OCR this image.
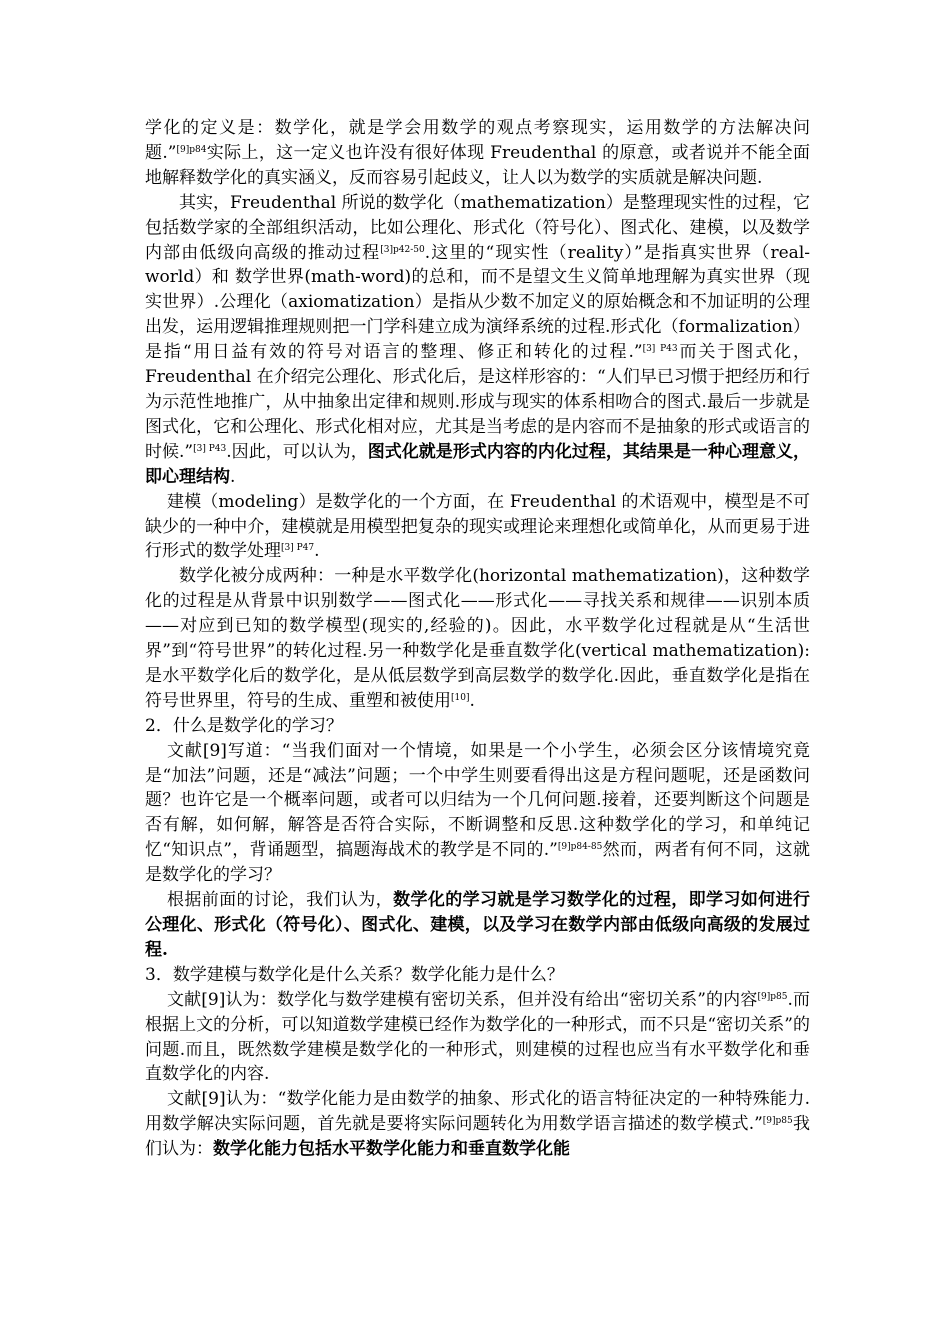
学化的定义是：数学化，就是学会用数学的观点考察现实，运用数学的方法解决问题.”$^{[9]p84}$实际上，这一定义也许没有很好体现 Freudenthal 的原意，或者说并不能全面地解释数学化的真实涵义，反而容易引起歧义，让人以为数学的实质就是解决问题.

其实，Freudenthal 所说的数学化（mathematization）是整理现实性的过程，它包括数学家的全部组织活动，比如公理化、形式化（符号化）、图式化、建模，以及数学内部由低级向高级的推动过程$^{[3]p42-50}$.这里的“现实性（reality）”是指真实世界（real-world）和 数学世界(math-word)的总和，而不是望文生义简单地理解为真实世界（现实世界）.公理化（axiomatization）是指从少数不加定义的原始概念和不加证明的公理出发，运用逻辑推理规则把一门学科建立成为演绎系统的过程.形式化（formalization）是指“用日益有效的符号对语言的整理、修正和转化的过程.”$^{[3] P43}$而关于图式化，Freudenthal 在介绍完公理化、形式化后，是这样形容的：“人们早已习惯于把经历和行为示范性地推广，从中抽象出定律和规则.形成与现实的体系相吻合的图式.最后一步就是图式化，它和公理化、形式化相对应，尤其是当考虑的是内容而不是抽象的形式或语言的时候.”$^{[3] P43}$.因此，可以认为，图式化就是形式内容的内化过程，其结果是一种心理意义，即心理结构.

建模（modeling）是数学化的一个方面，在 Freudenthal 的术语观中，模型是不可缺少的一种中介，建模就是用模型把复杂的现实或理论来理想化或简单化，从而更易于进行形式的数学处理$^{[3] P47}$.

数学化被分成两种：一种是水平数学化(horizontal mathematization)，这种数学化的过程是从背景中识别数学——图式化——形式化——寻找关系和规律——识别本质——对应到已知的数学模型(现实的,经验的)。因此，水平数学化过程就是从“生活世界”到“符号世界”的转化过程.另一种数学化是垂直数学化(vertical mathematization):是水平数学化后的数学化，是从低层数学到高层数学的数学化.因此，垂直数学化是指在符号世界里，符号的生成、重塑和被使用[10].

2．什么是数学化的学习？

文献[9]写道：“当我们面对一个情境，如果是一个小学生，必须会区分该情境究竟是“加法”问题，还是“减法”问题；一个中学生则要看得出这是方程问题呢，还是函数问题？也许它是一个概率问题，或者可以归结为一个几何问题.接着，还要判断这个问题是否有解，如何解，解答是否符合实际，不断调整和反思.这种数学化的学习，和单纯记忆“知识点”，背诵题型，搞题海战术的教学是不同的.”$^{[9]p84-85}$然而，两者有何不同，这就是数学化的学习？

根据前面的讨论，我们认为，数学化的学习就是学习数学化的过程，即学习如何进行公理化、形式化（符号化）、图式化、建模，以及学习在数学内部由低级向高级的发展过程.

3．数学建模与数学化是什么关系？数学化能力是什么？

文献[9]认为：数学化与数学建模有密切关系，但并没有给出“密切关系”的内容$^{[9]p85}$.而根据上文的分析，可以知道数学建模已经作为数学化的一种形式，而不只是“密切关系”的问题.而且，既然数学建模是数学化的一种形式，则建模的过程也应当有水平数学化和垂直数学化的内容.

文献[9]认为：“数学化能力是由数学的抽象、形式化的语言特征决定的一种特殊能力.用数学解决实际问题，首先就是要将实际问题转化为用数学语言描述的数学模式.”$^{[9]p85}$我们认为：数学化能力包括水平数学化能力和垂直数学化能
